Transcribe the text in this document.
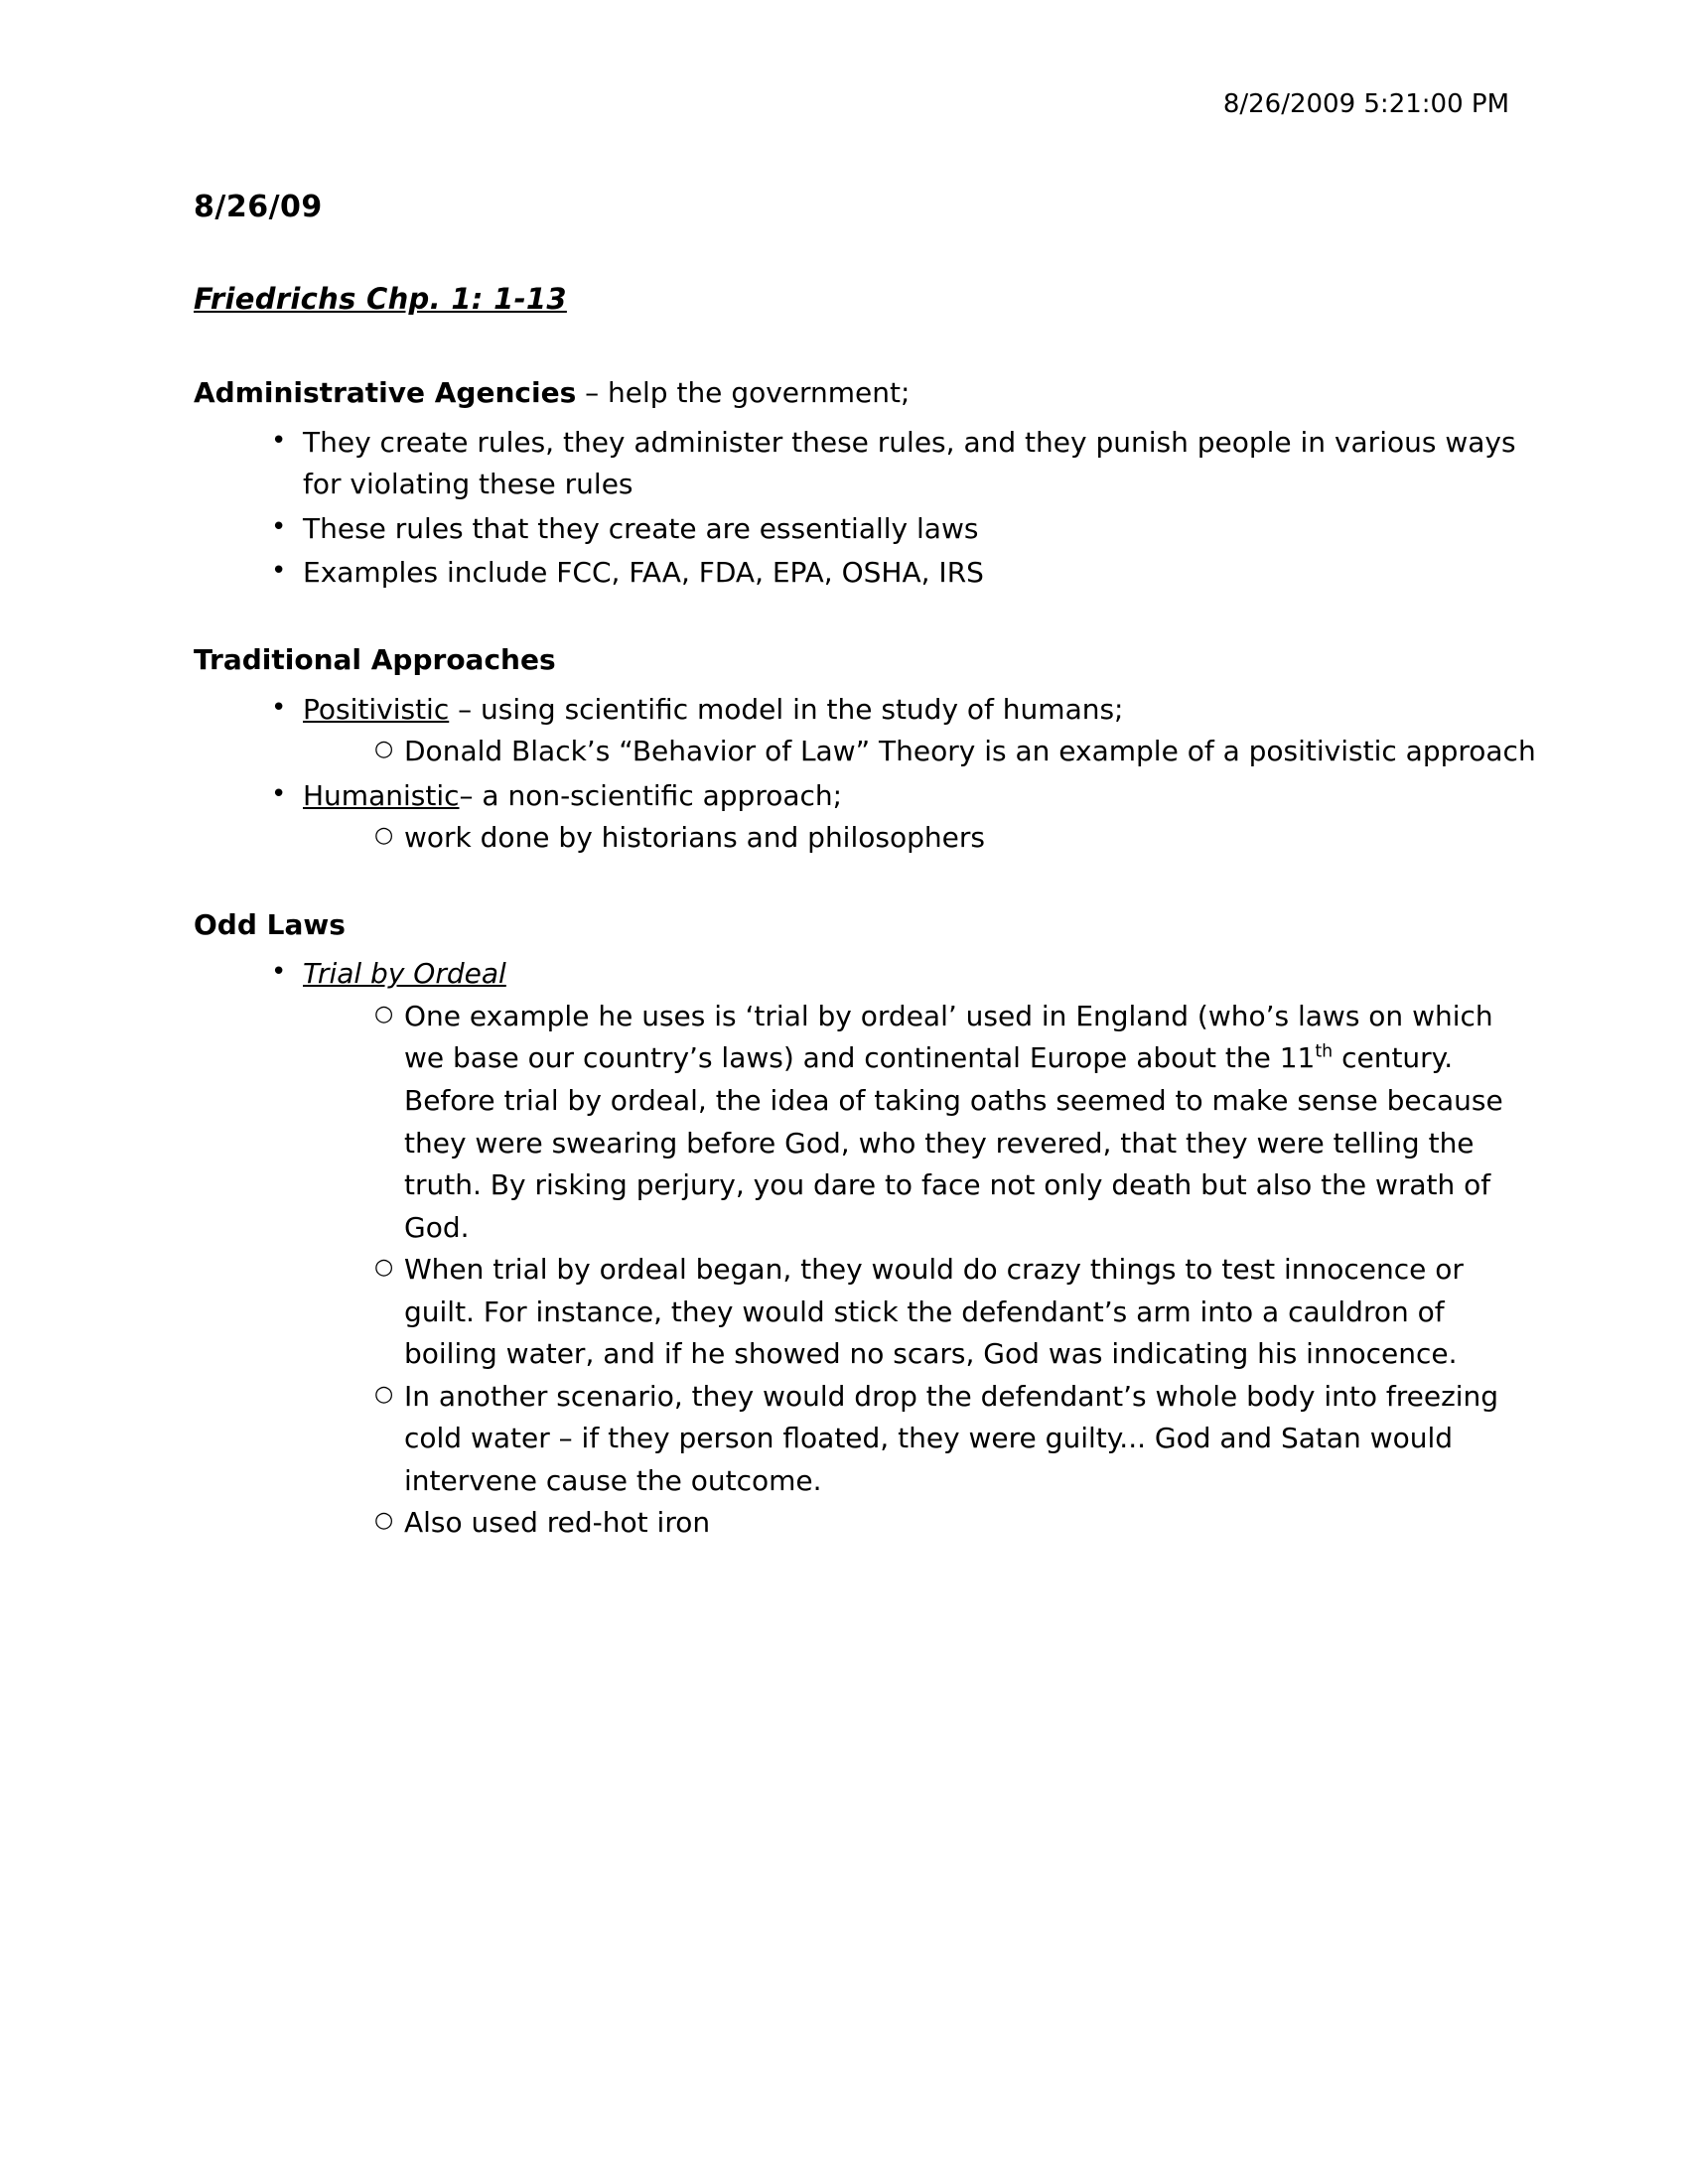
8/26/2009 5:21:00 PM
8/26/09
Friedrichs Chp. 1: 1-13
Administrative Agencies – help the government;
• They create rules, they administer these rules, and they punish people in various ways for violating these rules
• These rules that they create are essentially laws
• Examples include FCC, FAA, FDA, EPA, OSHA, IRS
Traditional Approaches
• Positivistic – using scientific model in the study of humans;
○ Donald Black’s “Behavior of Law” Theory is an example of a positivistic approach
• Humanistic– a non-scientific approach;
○ work done by historians and philosophers
Odd Laws
• Trial by Ordeal
○ One example he uses is ‘trial by ordeal’ used in England (who’s laws on which we base our country’s laws) and continental Europe about the 11th century. Before trial by ordeal, the idea of taking oaths seemed to make sense because they were swearing before God, who they revered, that they were telling the truth. By risking perjury, you dare to face not only death but also the wrath of God.
○ When trial by ordeal began, they would do crazy things to test innocence or guilt. For instance, they would stick the defendant’s arm into a cauldron of boiling water, and if he showed no scars, God was indicating his innocence.
○ In another scenario, they would drop the defendant’s whole body into freezing cold water – if they person floated, they were guilty... God and Satan would intervene cause the outcome.
○ Also used red-hot iron
